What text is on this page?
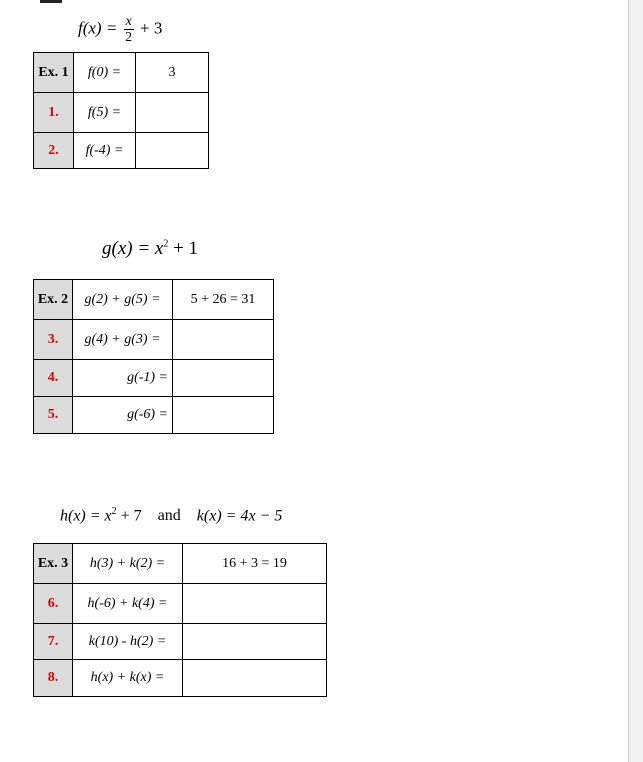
$f(x) = \frac{x}{2} + 3$
Ex. 1	f(0) =	3
1.	f(5) =	
2.	f(-4) =	
$g(x) = x^2 + 1$
Ex. 2	g(2) + g(5) =	5 + 26 = 31
3.	g(4) + g(3) =	
4.	g(-1) =	
5.	g(-6) =	
$h(x) = x^2 + 7$ and k(x) = 4x − 5
Ex. 3	h(3) + k(2) =	16 + 3 = 19
6.	h(-6) + k(4) =	
7.	k(10) - h(2) =	
8.	h(x) + k(x) =	
